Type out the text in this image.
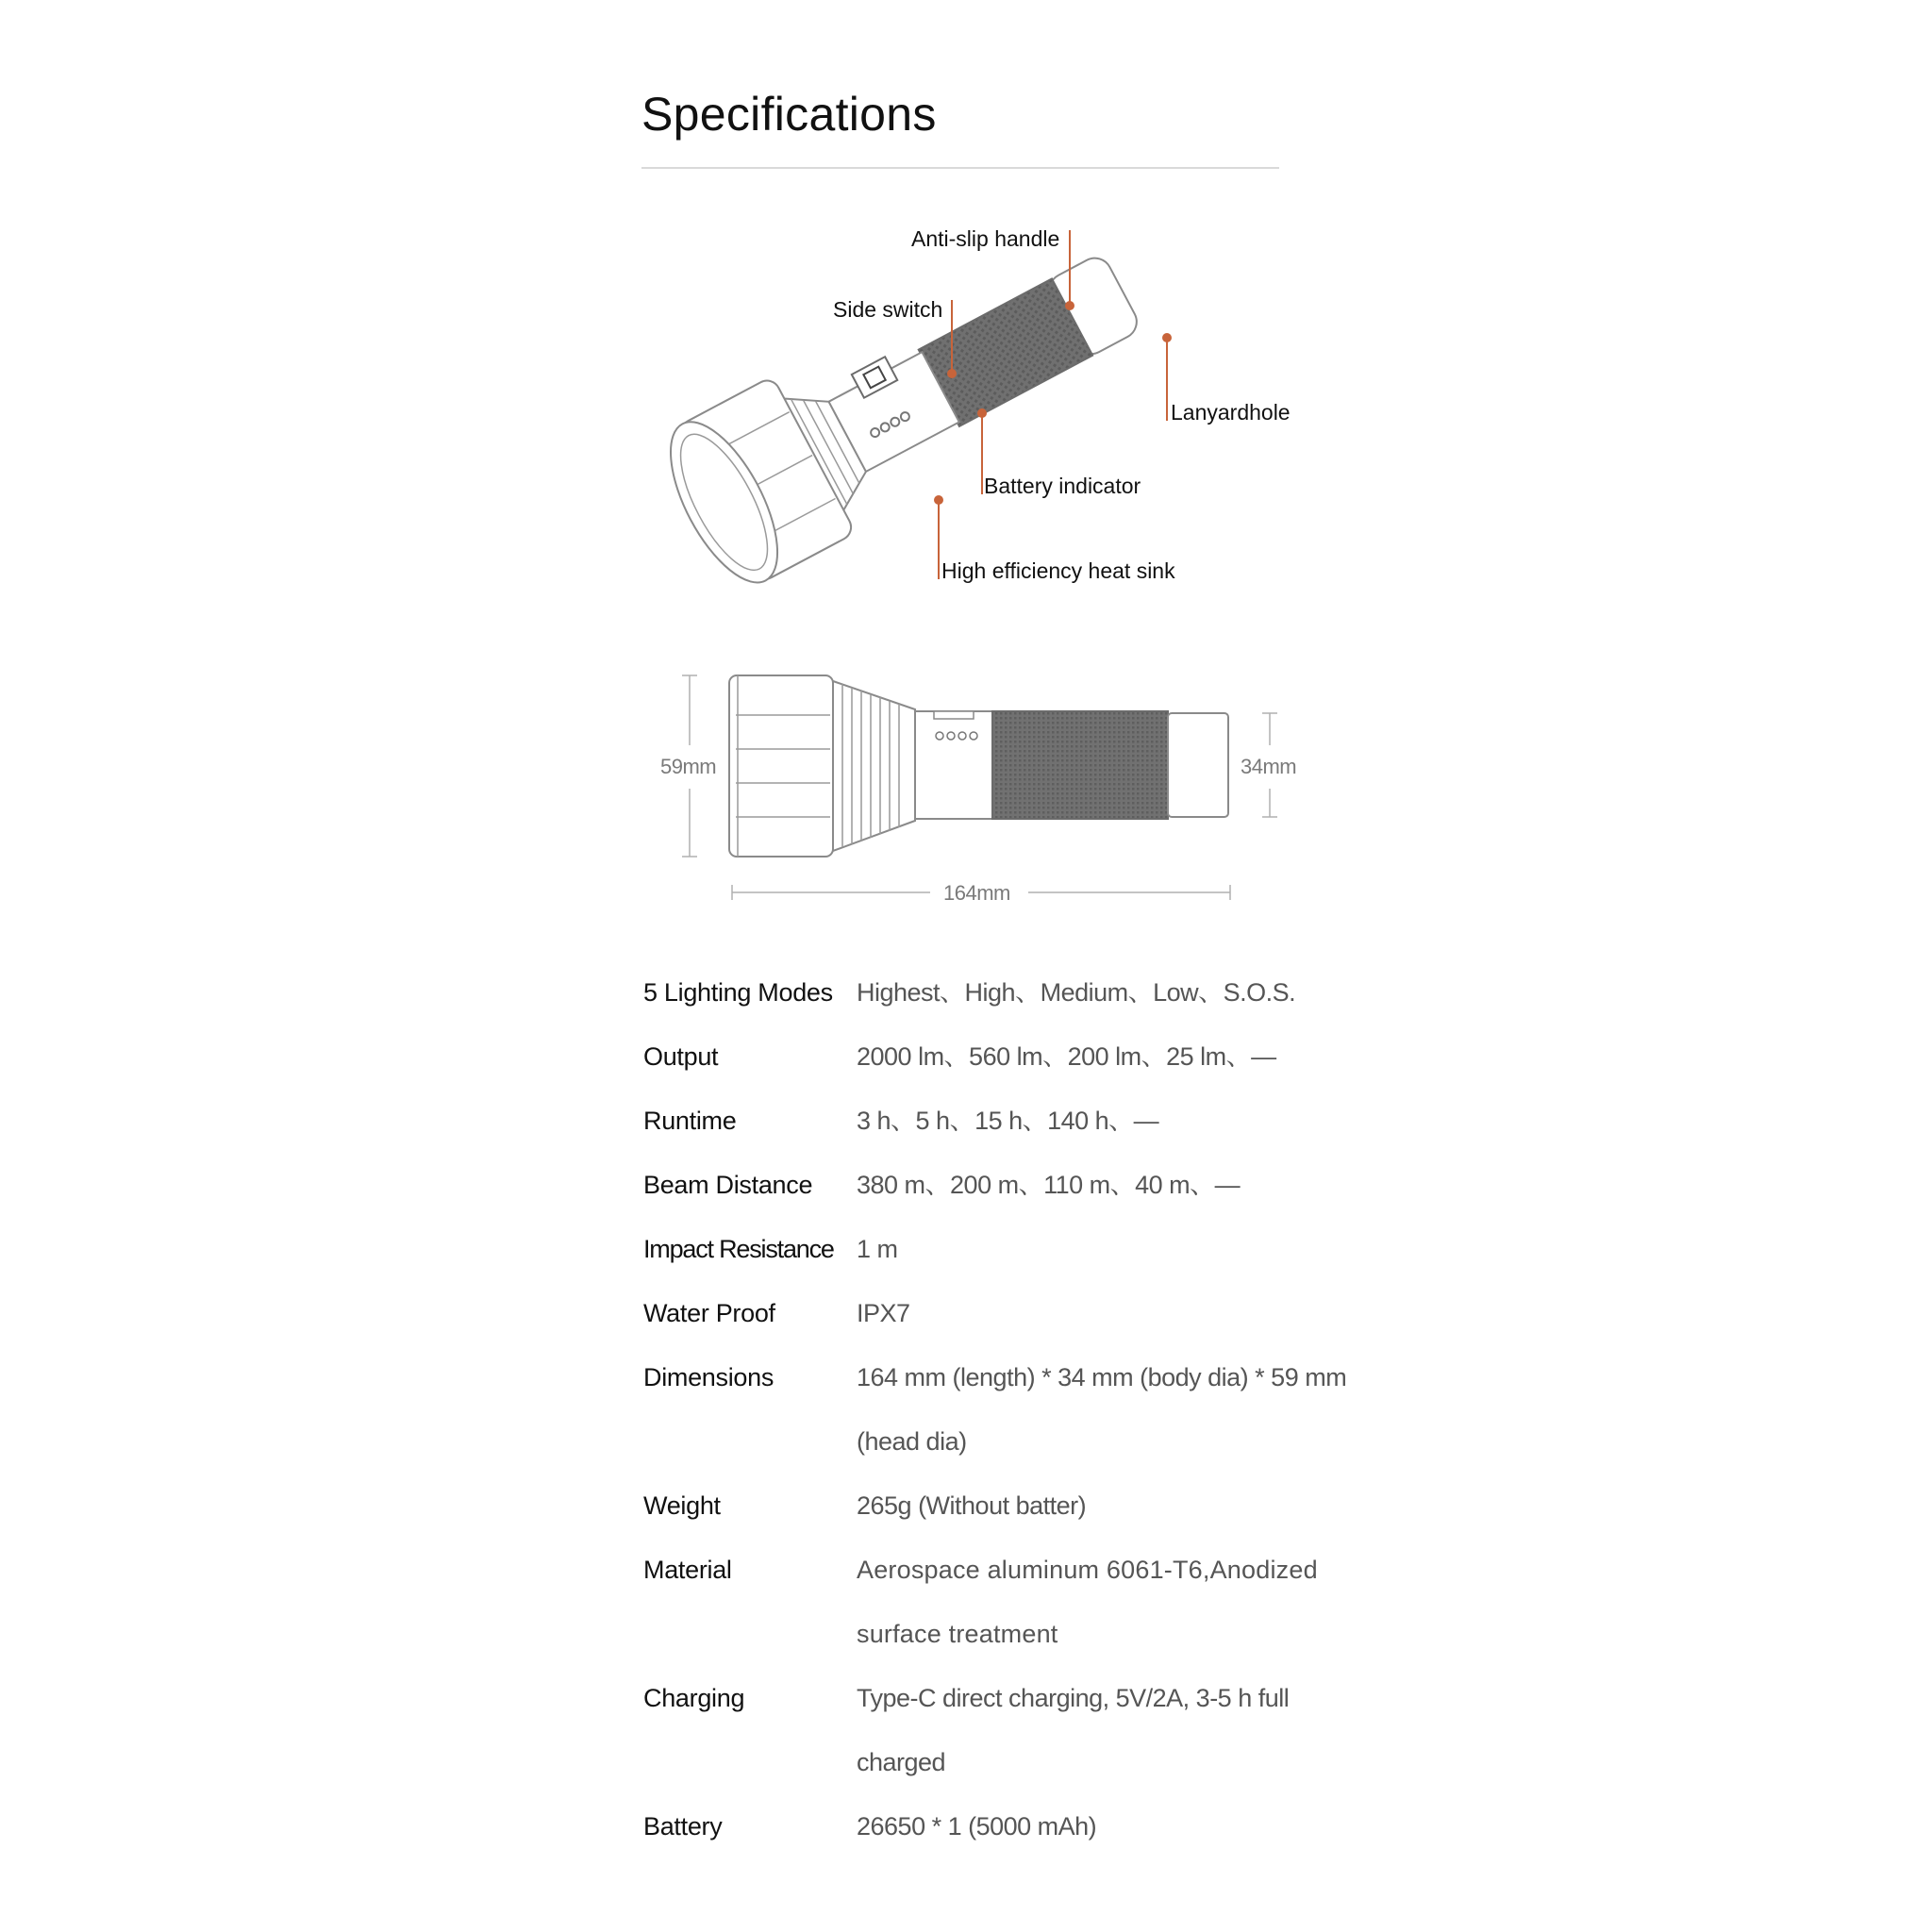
Specifications
Anti-slip handle
Side switch
Lanyardhole
Battery indicator
High efficiency heat sink
59mm	34mm
164mm
5 Lighting Modes Highest、High、Medium、Low、S.O.S.
Output	2000 lm、560 lm、200 lm、25 lm、—
Runtime	3 h、5 h、15 h、140 h、—
Beam Distance	380 m、200 m、110 m、40 m、—
Impact Resistance 1 m
Water Proof	IPX7
Dimensions	164 mm (length) * 34 mm (body dia) * 59 mm (head dia)
Weight	265g (Without batter)
Material	Aerospace aluminum 6061-T6,Anodized surface treatment
Charging	Type-C direct charging, 5V/2A, 3-5 h full charged
Battery	26650 * 1 (5000 mAh)
